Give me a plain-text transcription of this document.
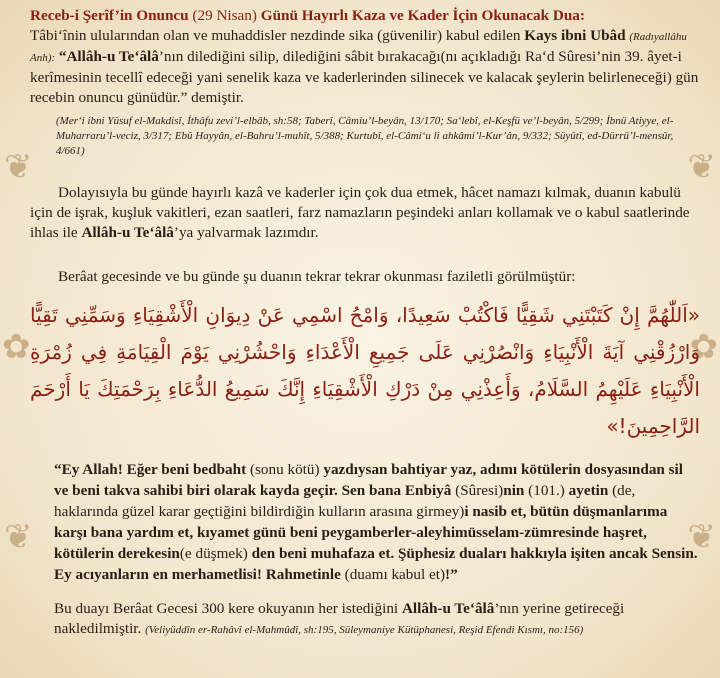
❦	❦
✿	✿
❦	❦

Receb-i Şerîf’in Onuncu (29 Nisan) Günü Hayırlı Kaza ve Kader İçin Okunacak Dua:

Tâbi‘înin ulularından olan ve muhaddisler nezdinde sika (güvenilir) kabul edilen Kays ibni Ubâd (Radıyallâhu Anh): “Allâh-u Te‘âlâ’nın dilediğini silip, dilediğini sâbit bırakacağı(nı açıkladığı Ra‘d Sûresi’nin 39. âyet-i kerîmesinin tecellî edeceği yani senelik kaza ve kaderlerinden silinecek ve kalacak şeylerin belirleneceği) gün recebin onuncu günüdür.” demiştir.

(Mer‘i ibni Yûsuf el-Makdisî, İthâfu zevi’l-elbâb, sh:58; Taberî, Câmiu’l-beyân, 13/170; Sa‘lebî, el-Keşfü ve’l-beyân, 5/299; İbnü Atiyye, el-Muharraru’l-veciz, 3/317; Ebû Hayyân, el-Bahru’l-muhît, 5/388; Kurtubî, el-Câmi‘u li ahkâmi’l-Kur’ân, 9/332; Süyûtî, ed-Dürrü’l-mensûr, 4/661)

Dolayısıyla bu günde hayırlı kazâ ve kaderler için çok dua etmek, hâcet namazı kılmak, duanın kabulü için de işrak, kuşluk vakitleri, ezan saatleri, farz namazların peşindeki anları kollamak ve o kabul saatlerinde ihlas ile Allâh-u Te‘âlâ’ya yalvarmak lazımdır.

Berâat gecesinde ve bu günde şu duanın tekrar tekrar okunması faziletli görülmüştür:

«اَللّٰهُمَّ إِنْ كَتَبْتَنِي شَقِيًّا فَاكْتُبْ سَعِيدًا، وَامْحُ اسْمِي عَنْ دِيوَانِ الْأَشْقِيَاءِ وَسَمِّنِي تَقِيًّا وَارْزُقْنِي آيَةَ الْأَنْبِيَاءِ وَانْصُرْنِي عَلَى جَمِيعِ الْأَعْدَاءِ وَاحْشُرْنِي يَوْمَ الْقِيَامَةِ فِي زُمْرَةِ الْأَنْبِيَاءِ عَلَيْهِمُ السَّلَامُ، وَأَعِذْنِي مِنْ دَرْكِ الْأَشْقِيَاءِ إِنَّكَ سَمِيعُ الدُّعَاءِ بِرَحْمَتِكَ يَا أَرْحَمَ الرَّاحِمِينَ!»

“Ey Allah! Eğer beni bedbaht (sonu kötü) yazdıysan bahtiyar yaz, adımı kötülerin dosyasından sil ve beni takva sahibi biri olarak kayda geçir. Sen bana Enbiyâ (Sûresi)nin (101.) ayetin (de, haklarında güzel karar geçtiğini bildirdiğin kulların arasına girmey)i nasib et, bütün düşmanlarıma karşı bana yardım et, kıyamet günü beni peygamberler-aleyhimüsselam-zümresinde haşret, kötülerin derekesin(e düşmek) den beni muhafaza et. Şüphesiz duaları hakkıyla işiten ancak Sensin. Ey acıyanların en merhametlisi! Rahmetinle (duamı kabul et)!”

Bu duayı Berâat Gecesi 300 kere okuyanın her istediğini Allâh-u Te‘âlâ’nın yerine getireceği nakledilmiştir. (Veliyüddîn er-Rahâvî el-Mahmûdî, sh:195, Süleymaniye Kütüphanesi, Reşid Efendi Kısmı, no:156)
